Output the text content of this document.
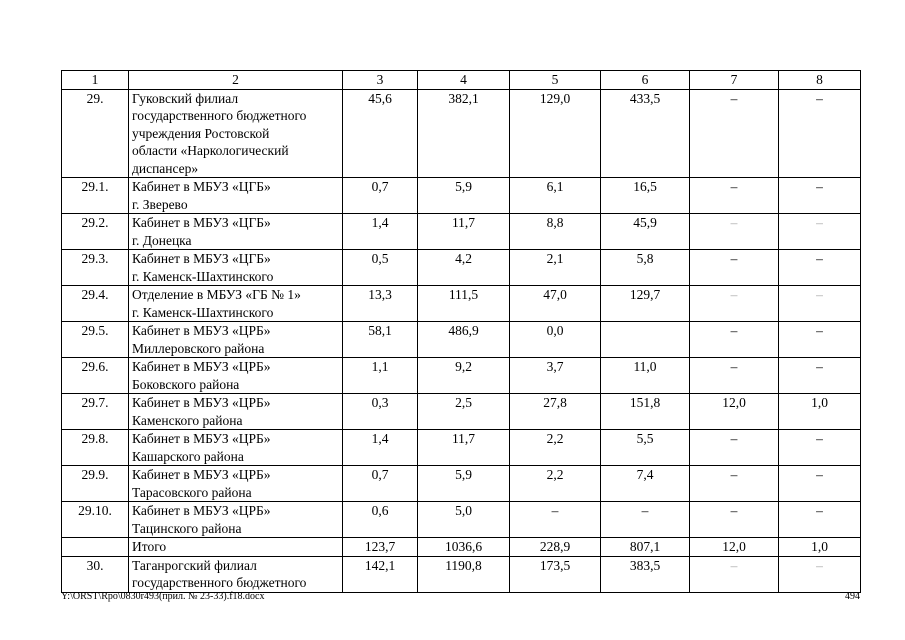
1	2	3	4	5	6	7	8
29.	Гуковский филиал
государственного бюджетного
учреждения Ростовской
области «Наркологический
диспансер»	45,6	382,1	129,0	433,5	–	–
29.1.	Кабинет в МБУЗ «ЦГБ»
г. Зверево	0,7	5,9	6,1	16,5	–	–
29.2.	Кабинет в МБУЗ «ЦГБ»
г. Донецка	1,4	11,7	8,8	45,9	–	–
29.3.	Кабинет в МБУЗ «ЦГБ»
г. Каменск-Шахтинского	0,5	4,2	2,1	5,8	–	–
29.4.	Отделение в МБУЗ «ГБ № 1»
г. Каменск-Шахтинского	13,3	111,5	47,0	129,7	–	–
29.5.	Кабинет в МБУЗ «ЦРБ»
Миллеровского района	58,1	486,9	0,0		–	–
29.6.	Кабинет в МБУЗ «ЦРБ»
Боковского района	1,1	9,2	3,7	11,0	–	–
29.7.	Кабинет в МБУЗ «ЦРБ»
Каменского района	0,3	2,5	27,8	151,8	12,0	1,0
29.8.	Кабинет в МБУЗ «ЦРБ»
Кашарского района	1,4	11,7	2,2	5,5	–	–
29.9.	Кабинет в МБУЗ «ЦРБ»
Тарасовского района	0,7	5,9	2,2	7,4	–	–
29.10.	Кабинет в МБУЗ «ЦРБ»
Тацинского района	0,6	5,0	–	–	–	–

	Итого	123,7	1036,6	228,9	807,1	12,0	1,0
30.	Таганрогский филиал
государственного бюджетного	142,1	1190,8	173,5	383,5	–	–
Y:\ORST\Rpo\0830r493(прил. № 23-33).f18.docx	494
